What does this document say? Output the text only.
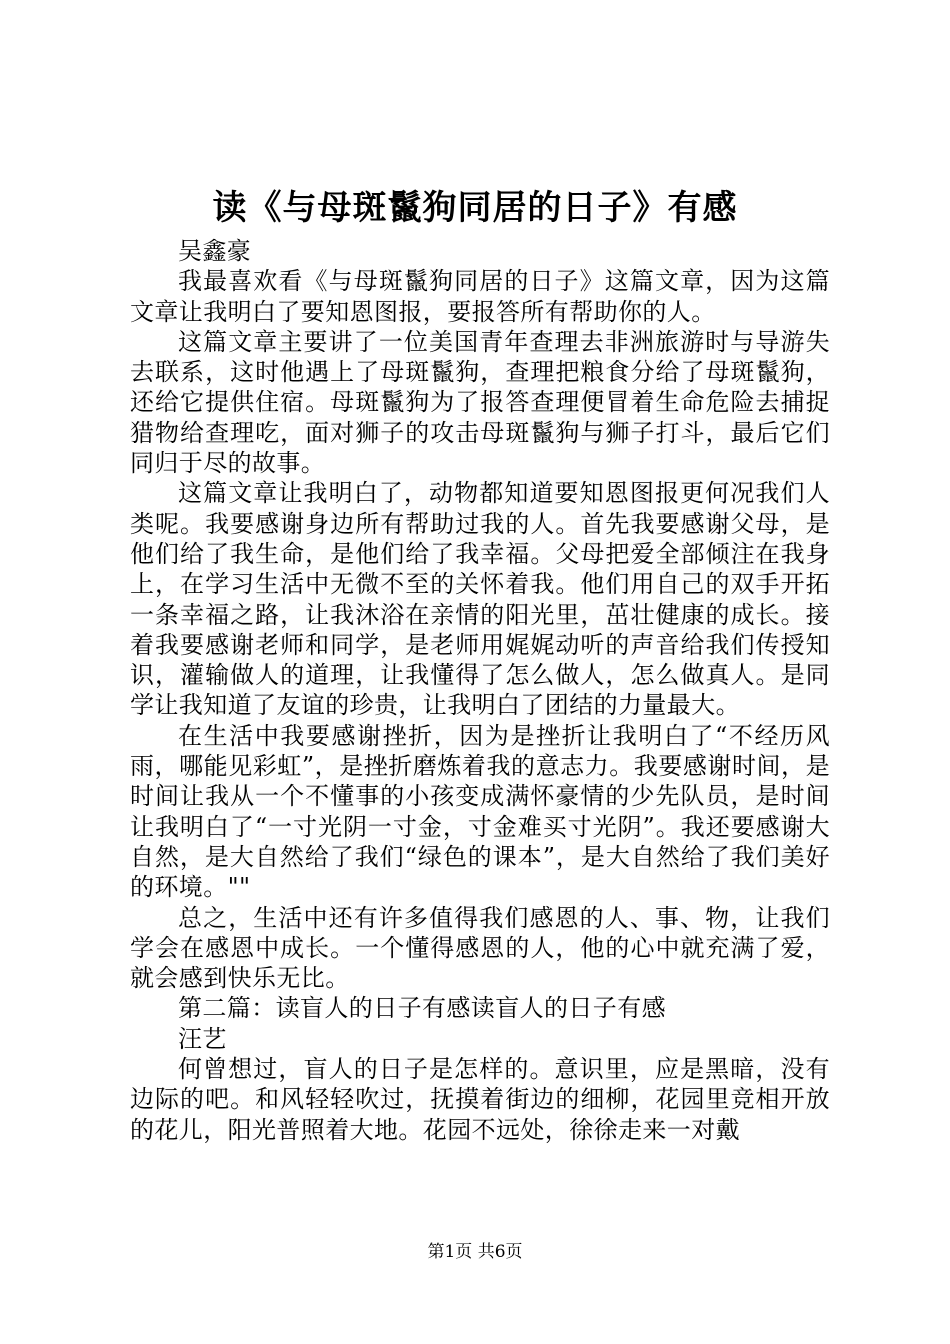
读《与母斑鬣狗同居的日子》有感

吴鑫豪

我最喜欢看《与母斑鬣狗同居的日子》这篇文章，因为这篇文章让我明白了要知恩图报，要报答所有帮助你的人。

这篇文章主要讲了一位美国青年查理去非洲旅游时与导游失去联系，这时他遇上了母斑鬣狗，查理把粮食分给了母斑鬣狗，还给它提供住宿。母斑鬣狗为了报答查理便冒着生命危险去捕捉猎物给查理吃，面对狮子的攻击母斑鬣狗与狮子打斗，最后它们同归于尽的故事。

这篇文章让我明白了，动物都知道要知恩图报更何况我们人类呢。我要感谢身边所有帮助过我的人。首先我要感谢父母，是他们给了我生命，是他们给了我幸福。父母把爱全部倾注在我身上，在学习生活中无微不至的关怀着我。他们用自己的双手开拓一条幸福之路，让我沐浴在亲情的阳光里，茁壮健康的成长。接着我要感谢老师和同学，是老师用娓娓动听的声音给我们传授知识，灌输做人的道理，让我懂得了怎么做人，怎么做真人。是同学让我知道了友谊的珍贵，让我明白了团结的力量最大。

在生活中我要感谢挫折，因为是挫折让我明白了“不经历风雨，哪能见彩虹”，是挫折磨炼着我的意志力。我要感谢时间，是时间让我从一个不懂事的小孩变成满怀豪情的少先队员，是时间让我明白了“一寸光阴一寸金，寸金难买寸光阴”。我还要感谢大自然，是大自然给了我们“绿色的课本”，是大自然给了我们美好的环境。""

总之，生活中还有许多值得我们感恩的人、事、物，让我们学会在感恩中成长。一个懂得感恩的人，他的心中就充满了爱，就会感到快乐无比。

第二篇：读盲人的日子有感读盲人的日子有感

汪艺

何曾想过，盲人的日子是怎样的。意识里，应是黑暗，没有边际的吧。和风轻轻吹过，抚摸着街边的细柳，花园里竞相开放的花儿，阳光普照着大地。花园不远处，徐徐走来一对戴

第1页 共6页
